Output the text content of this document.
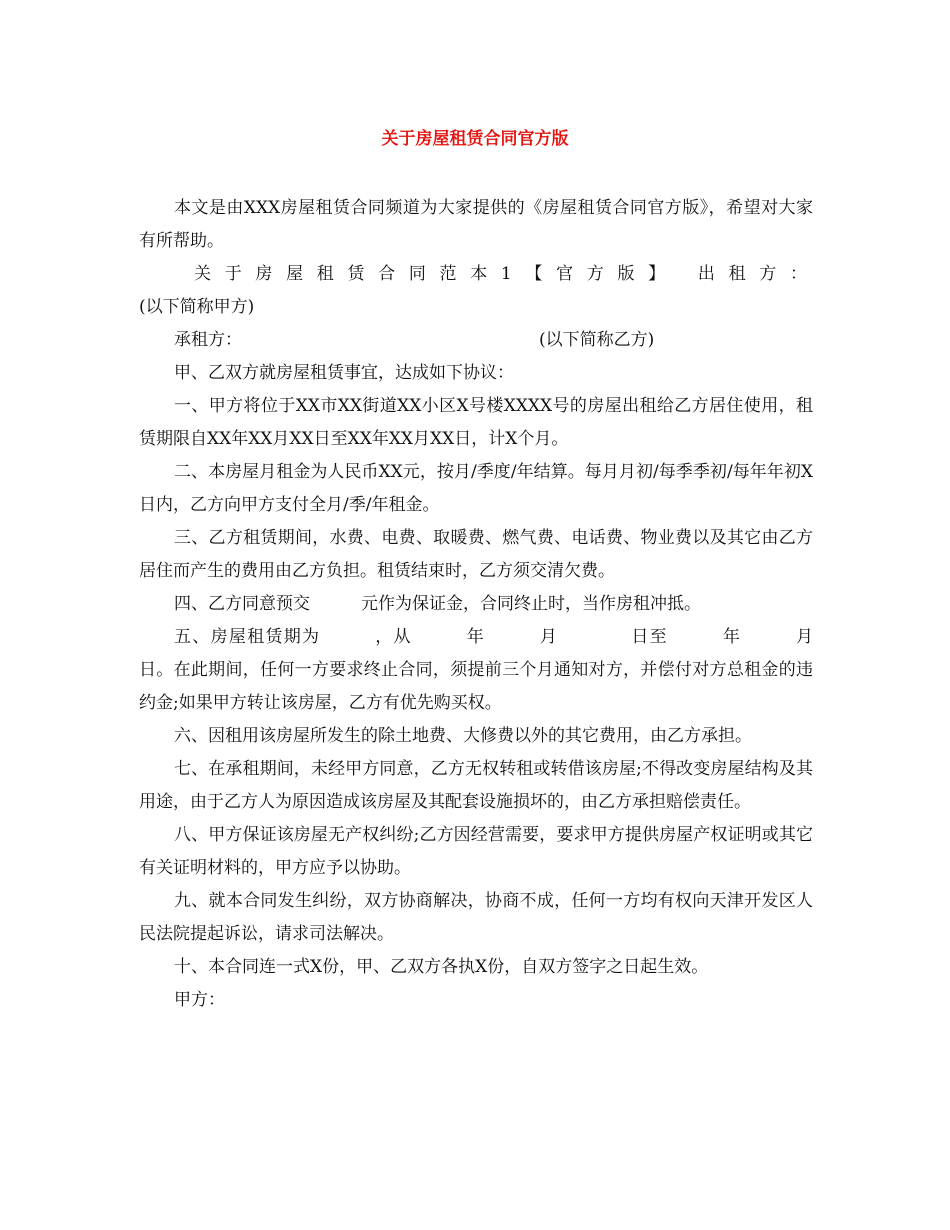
关于房屋租赁合同官方版

本文是由XXX房屋租赁合同频道为大家提供的《房屋租赁合同官方版》，希望对大家有所帮助。

关于房屋租赁合同范本1【官方版】 出租方：

(以下简称甲方)

承租方：	(以下简称乙方)

甲、乙双方就房屋租赁事宜，达成如下协议：

一、甲方将位于XX市XX街道XX小区X号楼XXXX号的房屋出租给乙方居住使用，租赁期限自XX年XX月XX日至XX年XX月XX日，计X个月。

二、本房屋月租金为人民币XX元，按月/季度/年结算。每月月初/每季季初/每年年初X日内，乙方向甲方支付全月/季/年租金。

三、乙方租赁期间，水费、电费、取暖费、燃气费、电话费、物业费以及其它由乙方居住而产生的费用由乙方负担。租赁结束时，乙方须交清欠费。

四、乙方同意预交　　　元作为保证金，合同终止时，当作房租冲抵。

五、房屋租赁期为　　　，从　　　年　　　月　　　　日至　　　年　　　月　　　日。在此期间，任何一方要求终止合同，须提前三个月通知对方，并偿付对方总租金的违约金;如果甲方转让该房屋，乙方有优先购买权。

六、因租用该房屋所发生的除土地费、大修费以外的其它费用，由乙方承担。

七、在承租期间，未经甲方同意，乙方无权转租或转借该房屋;不得改变房屋结构及其用途，由于乙方人为原因造成该房屋及其配套设施损坏的，由乙方承担赔偿责任。

八、甲方保证该房屋无产权纠纷;乙方因经营需要，要求甲方提供房屋产权证明或其它有关证明材料的，甲方应予以协助。

九、就本合同发生纠纷，双方协商解决，协商不成，任何一方均有权向天津开发区人民法院提起诉讼，请求司法解决。

十、本合同连一式X份，甲、乙双方各执X份，自双方签字之日起生效。

甲方：
